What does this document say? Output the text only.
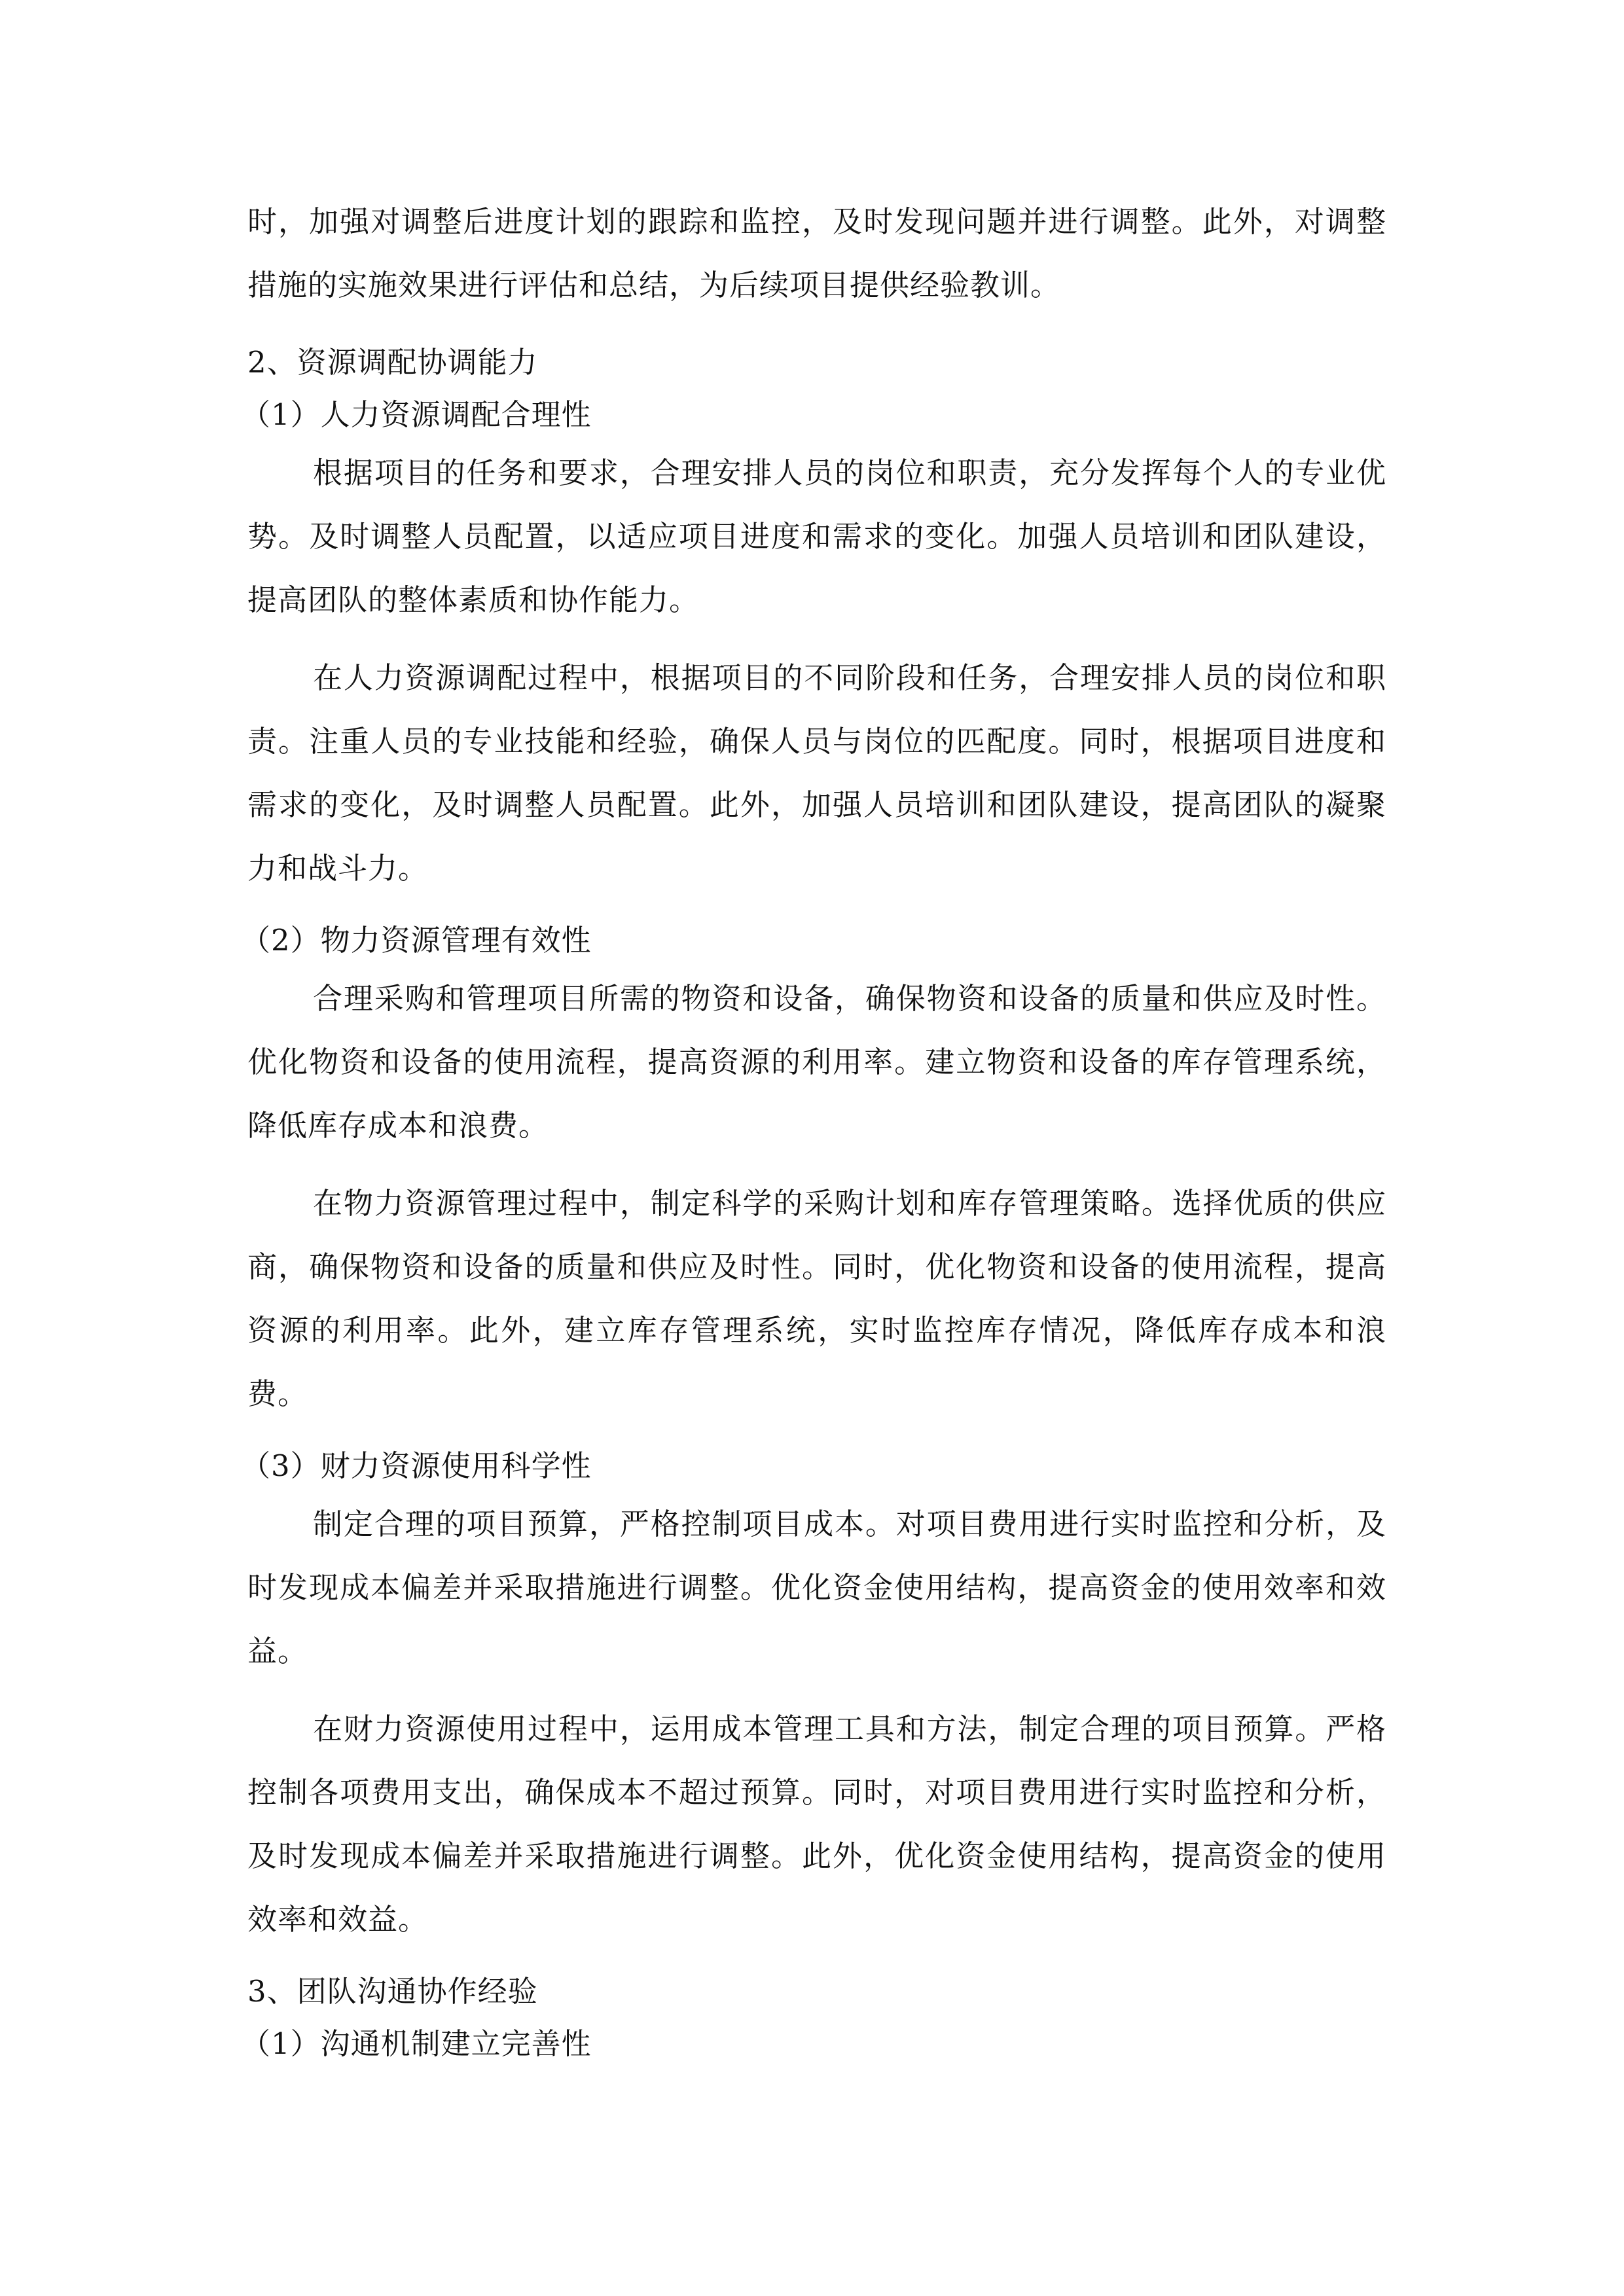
时，加强对调整后进度计划的跟踪和监控，及时发现问题并进行调整。此外，对调整措施的实施效果进行评估和总结，为后续项目提供经验教训。

2、资源调配协调能力

（1）人力资源调配合理性

根据项目的任务和要求，合理安排人员的岗位和职责，充分发挥每个人的专业优势。及时调整人员配置，以适应项目进度和需求的变化。加强人员培训和团队建设，提高团队的整体素质和协作能力。

在人力资源调配过程中，根据项目的不同阶段和任务，合理安排人员的岗位和职责。注重人员的专业技能和经验，确保人员与岗位的匹配度。同时，根据项目进度和需求的变化，及时调整人员配置。此外，加强人员培训和团队建设，提高团队的凝聚力和战斗力。

（2）物力资源管理有效性

合理采购和管理项目所需的物资和设备，确保物资和设备的质量和供应及时性。优化物资和设备的使用流程，提高资源的利用率。建立物资和设备的库存管理系统，降低库存成本和浪费。

在物力资源管理过程中，制定科学的采购计划和库存管理策略。选择优质的供应商，确保物资和设备的质量和供应及时性。同时，优化物资和设备的使用流程，提高资源的利用率。此外，建立库存管理系统，实时监控库存情况，降低库存成本和浪费。

（3）财力资源使用科学性

制定合理的项目预算，严格控制项目成本。对项目费用进行实时监控和分析，及时发现成本偏差并采取措施进行调整。优化资金使用结构，提高资金的使用效率和效益。

在财力资源使用过程中，运用成本管理工具和方法，制定合理的项目预算。严格控制各项费用支出，确保成本不超过预算。同时，对项目费用进行实时监控和分析，及时发现成本偏差并采取措施进行调整。此外，优化资金使用结构，提高资金的使用效率和效益。

3、团队沟通协作经验

（1）沟通机制建立完善性
